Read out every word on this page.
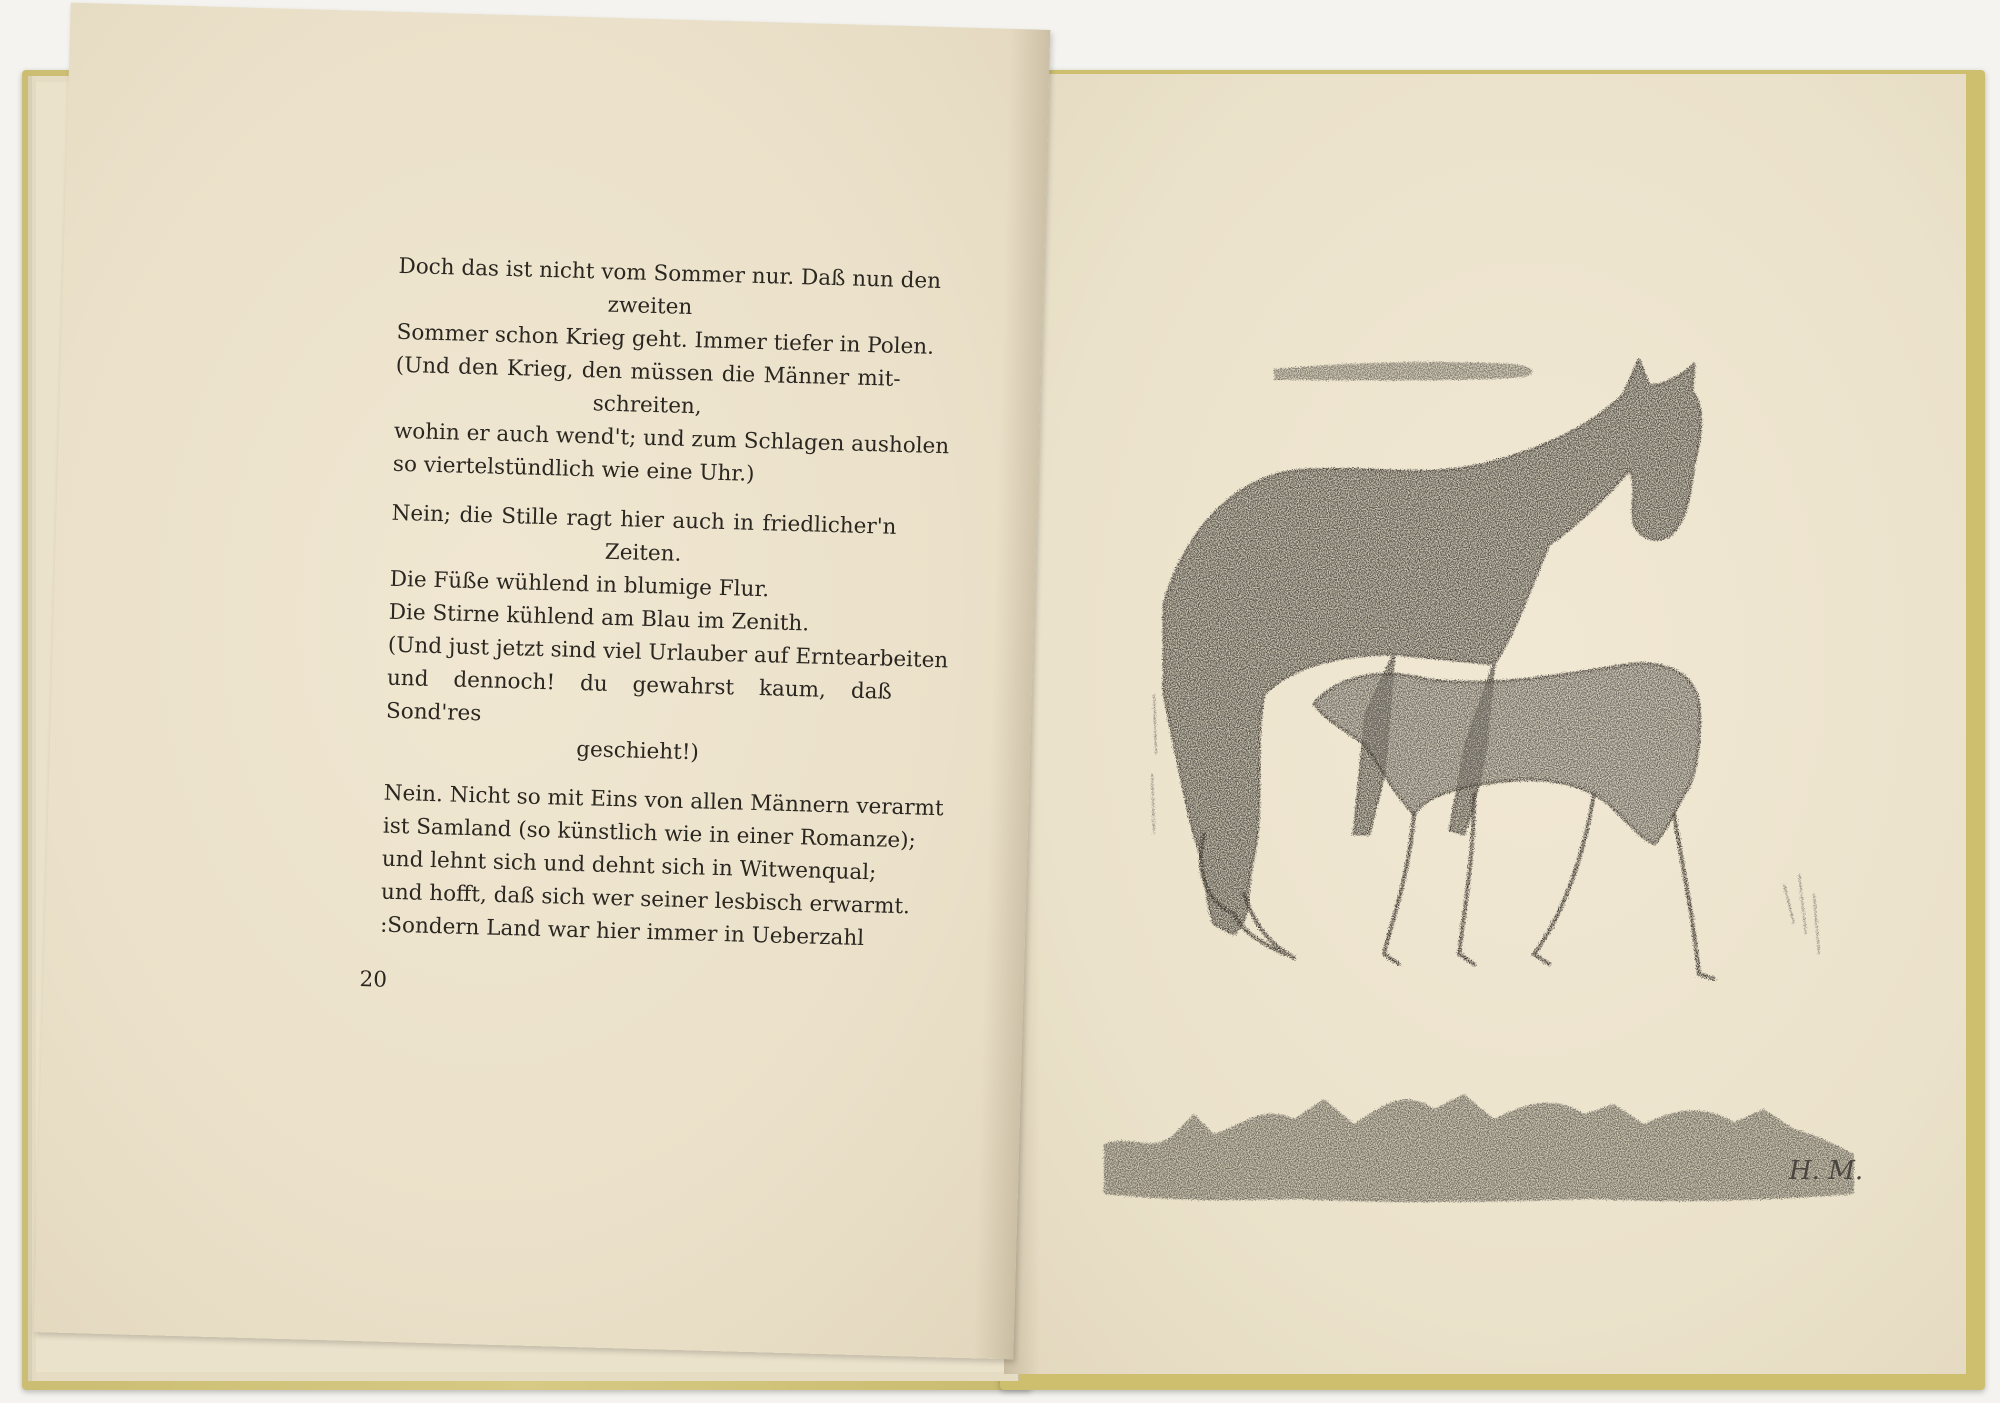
H. M.
Doch das ist nicht vom Sommer nur. Daß nun den
zweiten
Sommer schon Krieg geht. Immer tiefer in Polen.
(Und den Krieg, den müssen die Männer mit-
schreiten,
wohin er auch wend't; und zum Schlagen ausholen
so viertelstündlich wie eine Uhr.)
Nein; die Stille ragt hier auch in friedlicher'n
Zeiten.
Die Füße wühlend in blumige Flur.
Die Stirne kühlend am Blau im Zenith.
(Und just jetzt sind viel Urlauber auf Erntearbeiten
und dennoch! du gewahrst kaum, daß Sond'res
geschieht!)
Nein. Nicht so mit Eins von allen Männern verarmt
ist Samland (so künstlich wie in einer Romanze);
und lehnt sich und dehnt sich in Witwenqual;
und hofft, daß sich wer seiner lesbisch erwarmt.
:Sondern Land war hier immer in Ueberzahl
20
